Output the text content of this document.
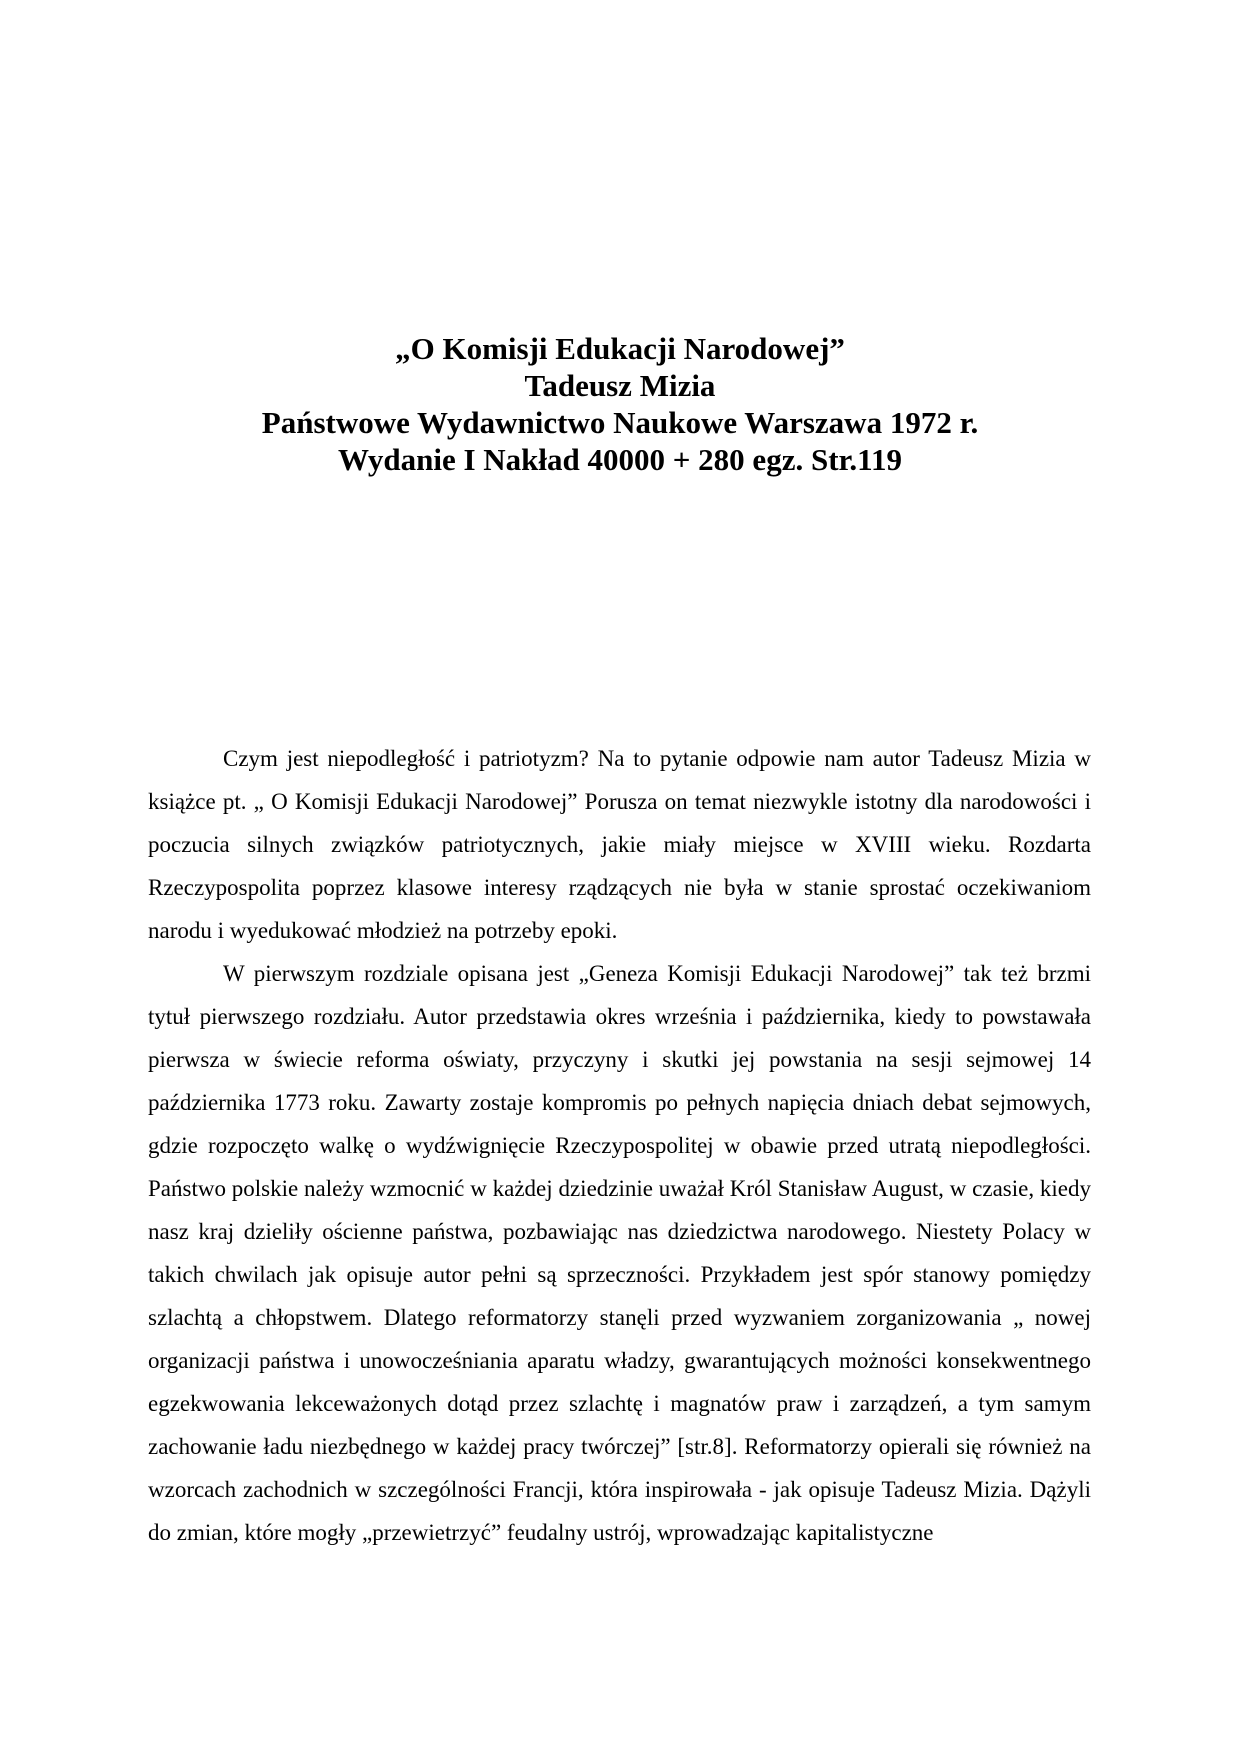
„O Komisji Edukacji Narodowej”

Tadeusz Mizia

Państwowe Wydawnictwo Naukowe Warszawa 1972 r.

Wydanie I Nakład 40000 + 280 egz. Str.119

Czym jest niepodległość i patriotyzm? Na to pytanie odpowie nam autor Tadeusz Mizia w książce pt. „ O Komisji Edukacji Narodowej” Porusza on temat niezwykle istotny dla narodowości i poczucia silnych związków patriotycznych, jakie miały miejsce w XVIII wieku. Rozdarta Rzeczypospolita poprzez klasowe interesy rządzących nie była w stanie sprostać oczekiwaniom narodu i wyedukować młodzież na potrzeby epoki.

W pierwszym rozdziale opisana jest „Geneza Komisji Edukacji Narodowej” tak też brzmi tytuł pierwszego rozdziału. Autor przedstawia okres września i października, kiedy to powstawała pierwsza w świecie reforma oświaty, przyczyny i skutki jej powstania na sesji sejmowej 14 października 1773 roku. Zawarty zostaje kompromis po pełnych napięcia dniach debat sejmowych, gdzie rozpoczęto walkę o wydźwignięcie Rzeczypospolitej w obawie przed utratą niepodległości. Państwo polskie należy wzmocnić w każdej dziedzinie uważał Król Stanisław August, w czasie, kiedy nasz kraj dzieliły ościenne państwa, pozbawiając nas dziedzictwa narodowego. Niestety Polacy w takich chwilach jak opisuje autor pełni są sprzeczności. Przykładem jest spór stanowy pomiędzy szlachtą a chłopstwem. Dlatego reformatorzy stanęli przed wyzwaniem zorganizowania „ nowej organizacji państwa i unowocześniania aparatu władzy, gwarantujących możności konsekwentnego egzekwowania lekceważonych dotąd przez szlachtę i magnatów praw i zarządzeń, a tym samym zachowanie ładu niezbędnego w każdej pracy twórczej” [str.8]. Reformatorzy opierali się również na wzorcach zachodnich w szczególności Francji, która inspirowała - jak opisuje Tadeusz Mizia. Dążyli do zmian, które mogły „przewietrzyć” feudalny ustrój, wprowadzając kapitalistyczne
